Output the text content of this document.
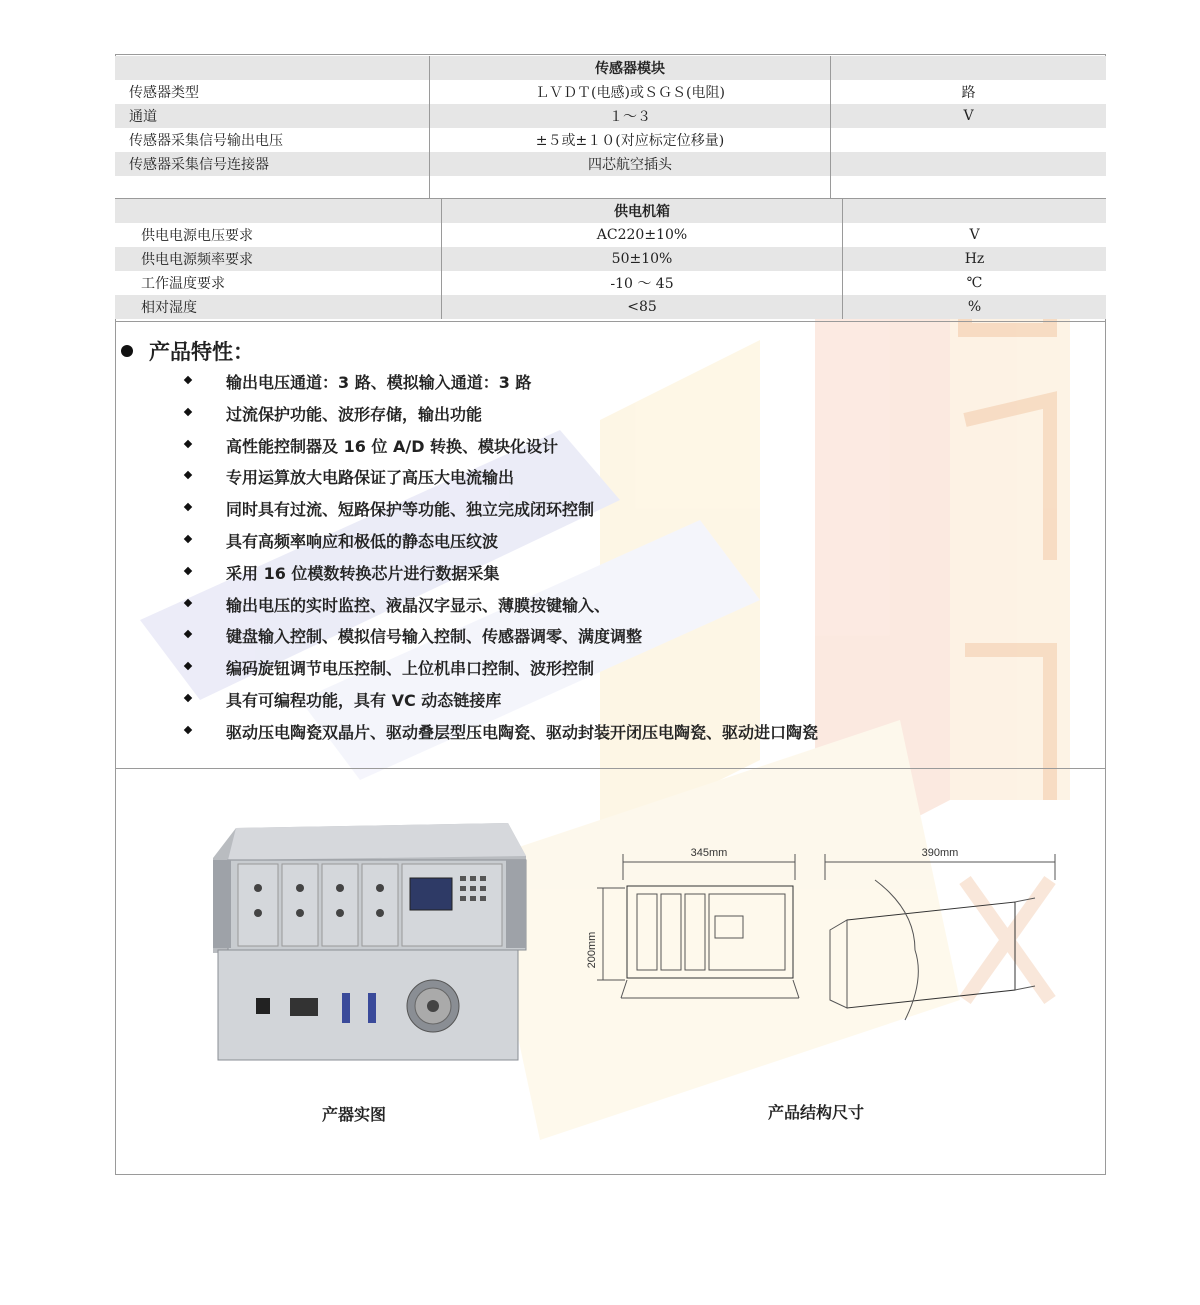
	传感器模块	
传感器类型	ＬＶＤＴ(电感)或ＳＧＳ(电阻)	路
通道	１～３	V
传感器采集信号输出电压	±５或±１０(对应标定位移量)	
传感器采集信号连接器	四芯航空插头	

	供电机箱	
供电电源电压要求	AC220±10%	V
供电电源频率要求	50±10%	Hz
工作温度要求	-10 ～ 45	℃
相对湿度	<85	%
产品特性：
输出电压通道：3 路、模拟输入通道：3 路
过流保护功能、波形存储，输出功能
高性能控制器及 16 位 A/D 转换、模块化设计
专用运算放大电路保证了高压大电流输出
同时具有过流、短路保护等功能、独立完成闭环控制
具有高频率响应和极低的静态电压纹波
采用 16 位模数转换芯片进行数据采集
输出电压的实时监控、液晶汉字显示、薄膜按键输入、
键盘输入控制、模拟信号输入控制、传感器调零、满度调整
编码旋钮调节电压控制、上位机串口控制、波形控制
具有可编程功能，具有 VC 动态链接库
驱动压电陶瓷双晶片、驱动叠层型压电陶瓷、驱动封装开闭压电陶瓷、驱动进口陶瓷
345mm	390mm
200mm
产器实图	产品结构尺寸
